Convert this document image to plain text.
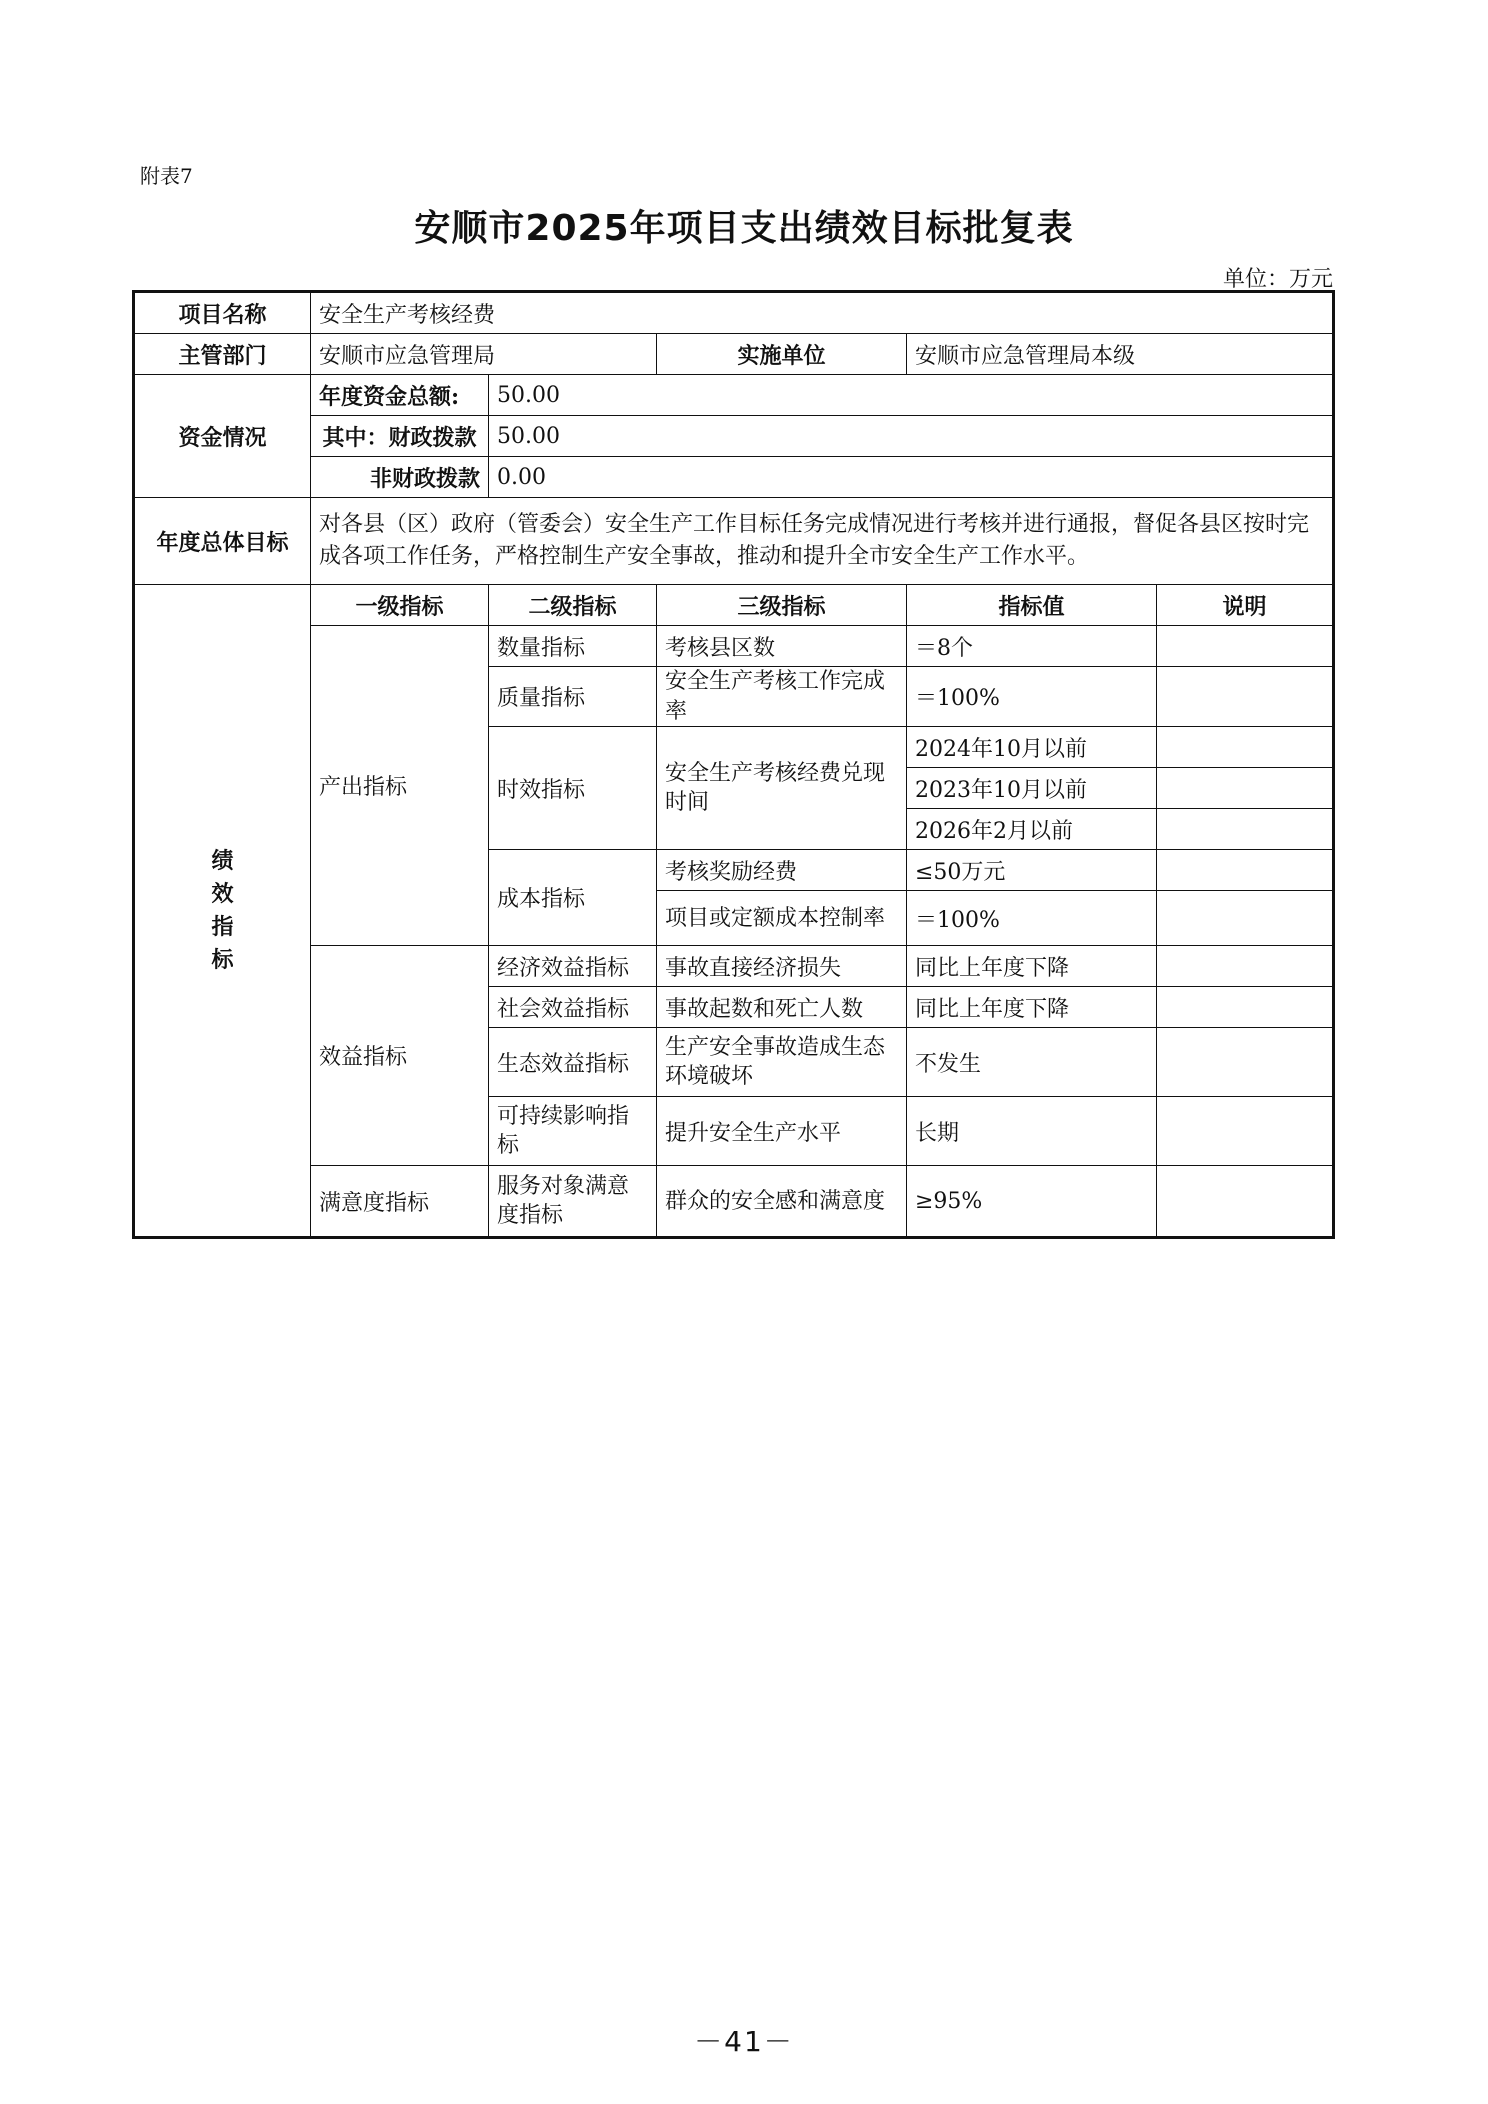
附表7
安顺市2025年项目支出绩效目标批复表
单位：万元
项目名称	安全生产考核经费				
主管部门	安顺市应急管理局		实施单位	安顺市应急管理局本级	
资金情况	年度资金总额:	50.00			
	其中：财政拨款	50.00			
	非财政拨款	0.00			
年度总体目标	对各县（区）政府（管委会）安全生产工作目标任务完成情况进行考核并进行通报，督促各县区按时完成各项工作任务，严格控制生产安全事故，推动和提升全市安全生产工作水平。				
绩效指标	一级指标	二级指标	三级指标	指标值	说明
	产出指标	数量指标	考核县区数	＝8个	
		质量指标	安全生产考核工作完成率	＝100%	
		时效指标	安全生产考核经费兑现时间	2024年10月以前	
				2023年10月以前	
				2026年2月以前	
		成本指标	考核奖励经费	≤50万元	
			项目或定额成本控制率	＝100%	
	效益指标	经济效益指标	事故直接经济损失	同比上年度下降	
		社会效益指标	事故起数和死亡人数	同比上年度下降	
		生态效益指标	生产安全事故造成生态环境破坏	不发生	
		可持续影响指标	提升安全生产水平	长期	
	满意度指标	服务对象满意度指标	群众的安全感和满意度	≥95%	
－41－
